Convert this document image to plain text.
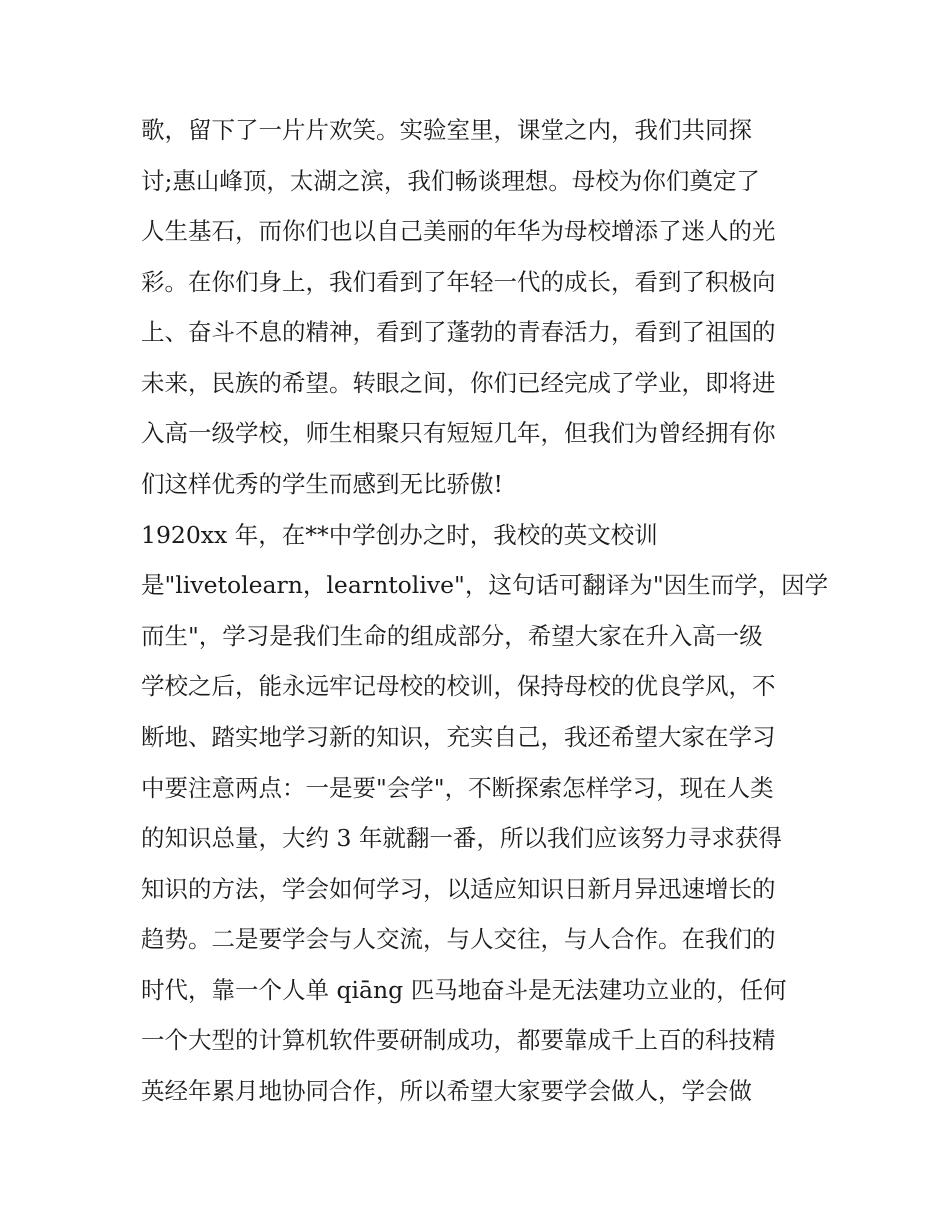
歌，留下了一片片欢笑。实验室里，课堂之内，我们共同探
讨;惠山峰顶，太湖之滨，我们畅谈理想。母校为你们奠定了
人生基石，而你们也以自己美丽的年华为母校增添了迷人的光
彩。在你们身上，我们看到了年轻一代的成长，看到了积极向
上、奋斗不息的精神，看到了蓬勃的青春活力，看到了祖国的
未来，民族的希望。转眼之间，你们已经完成了学业，即将进
入高一级学校，师生相聚只有短短几年，但我们为曾经拥有你
们这样优秀的学生而感到无比骄傲!
1920xx 年，在**中学创办之时，我校的英文校训
是"livetolearn，learntolive"，这句话可翻译为"因生而学，因学
而生"，学习是我们生命的组成部分，希望大家在升入高一级
学校之后，能永远牢记母校的校训，保持母校的优良学风，不
断地、踏实地学习新的知识，充实自己，我还希望大家在学习
中要注意两点：一是要"会学"，不断探索怎样学习，现在人类
的知识总量，大约 3 年就翻一番，所以我们应该努力寻求获得
知识的方法，学会如何学习，以适应知识日新月异迅速增长的
趋势。二是要学会与人交流，与人交往，与人合作。在我们的
时代，靠一个人单 qiāng 匹马地奋斗是无法建功立业的，任何
一个大型的计算机软件要研制成功，都要靠成千上百的科技精
英经年累月地协同合作，所以希望大家要学会做人，学会做
